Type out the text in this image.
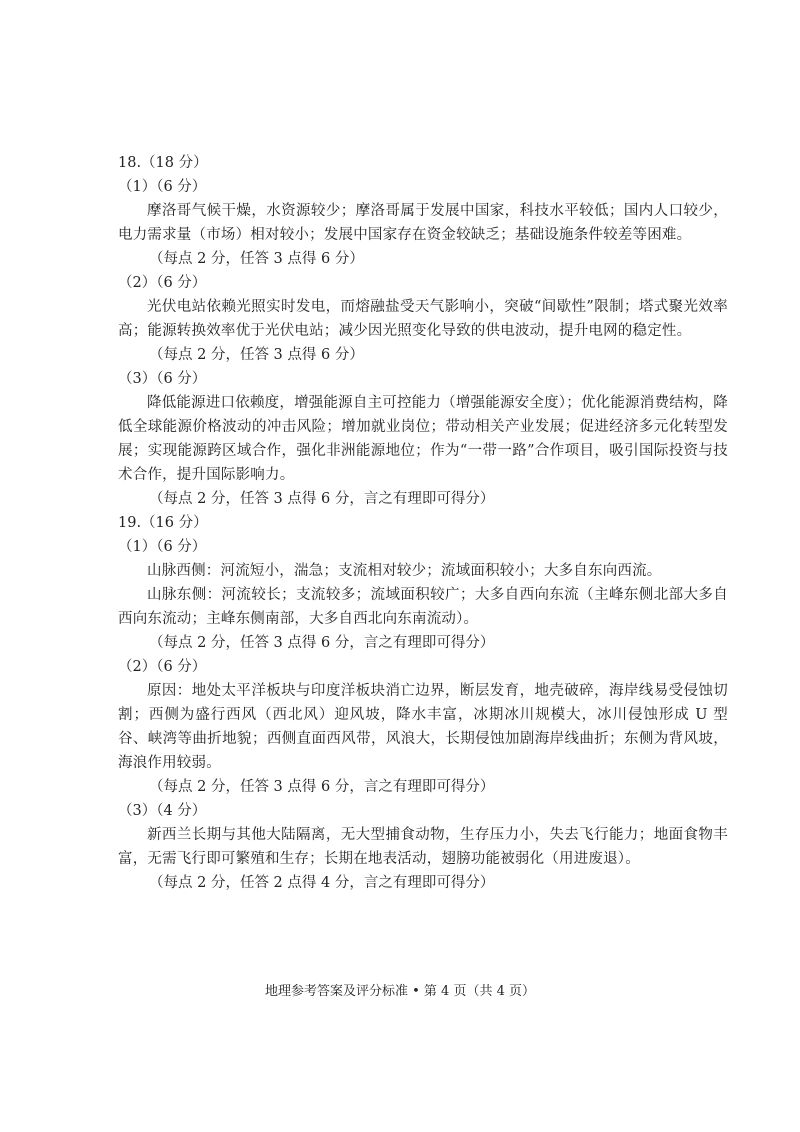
18.（18 分）
（1）（6 分）
摩洛哥气候干燥，水资源较少；摩洛哥属于发展中国家，科技水平较低；国内人口较少，电力需求量（市场）相对较小；发展中国家存在资金较缺乏；基础设施条件较差等困难。
（每点 2 分，任答 3 点得 6 分）
（2）（6 分）
光伏电站依赖光照实时发电，而熔融盐受天气影响小，突破“间歇性”限制；塔式聚光效率高；能源转换效率优于光伏电站；减少因光照变化导致的供电波动，提升电网的稳定性。
（每点 2 分，任答 3 点得 6 分）
（3）（6 分）
降低能源进口依赖度，增强能源自主可控能力（增强能源安全度）；优化能源消费结构，降低全球能源价格波动的冲击风险；增加就业岗位；带动相关产业发展；促进经济多元化转型发展；实现能源跨区域合作，强化非洲能源地位；作为“一带一路”合作项目，吸引国际投资与技术合作，提升国际影响力。
（每点 2 分，任答 3 点得 6 分，言之有理即可得分）
19.（16 分）
（1）（6 分）
山脉西侧：河流短小，湍急；支流相对较少；流域面积较小；大多自东向西流。
山脉东侧：河流较长；支流较多；流域面积较广；大多自西向东流（主峰东侧北部大多自西向东流动；主峰东侧南部，大多自西北向东南流动）。
（每点 2 分，任答 3 点得 6 分，言之有理即可得分）
（2）（6 分）
原因：地处太平洋板块与印度洋板块消亡边界，断层发育，地壳破碎，海岸线易受侵蚀切割；西侧为盛行西风（西北风）迎风坡，降水丰富，冰期冰川规模大，冰川侵蚀形成 U 型谷、峡湾等曲折地貌；西侧直面西风带，风浪大，长期侵蚀加剧海岸线曲折；东侧为背风坡，海浪作用较弱。
（每点 2 分，任答 3 点得 6 分，言之有理即可得分）
（3）（4 分）
新西兰长期与其他大陆隔离，无大型捕食动物，生存压力小，失去飞行能力；地面食物丰富，无需飞行即可繁殖和生存；长期在地表活动，翅膀功能被弱化（用进废退）。
（每点 2 分，任答 2 点得 4 分，言之有理即可得分）
地理参考答案及评分标准 • 第 4 页（共 4 页）
